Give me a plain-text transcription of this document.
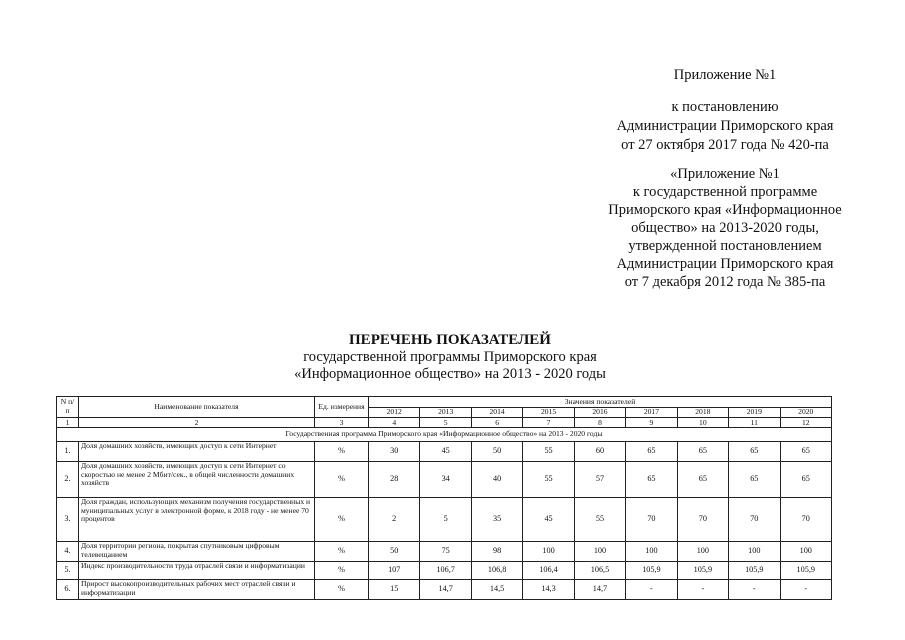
Приложение №1
к постановлению
Администрации Приморского края
от 27 октября 2017 года № 420-па
«Приложение №1
к государственной программе
Приморского края «Информационное
общество» на 2013-2020 годы,
утвержденной постановлением
Администрации Приморского края
от 7 декабря 2012 года № 385-па
ПЕРЕЧЕНЬ ПОКАЗАТЕЛЕЙ
государственной программы Приморского края
«Информационное общество» на 2013 - 2020 годы
N п/п	Наименование показателя	Ед. измерения	Значения показателей								
			2012	2013	2014	2015	2016	2017	2018	2019	2020
1	2	3	4	5	6	7	8	9	10	11	12
Государственная программа Приморского края «Информационное общество» на 2013 - 2020 годы											
1.	Доля домашних хозяйств, имеющих доступ к сети Интернет	%	30	45	50	55	60	65	65	65	65
2.	Доля домашних хозяйств, имеющих доступ к сети Интернет со скоростью не менее 2 Мбит/сек., в общей численности домашних хозяйств	%	28	34	40	55	57	65	65	65	65
3.	Доля граждан, использующих механизм получения государственных и муниципальных услуг в электронной форме, к 2018 году - не менее 70 процентов	%	2	5	35	45	55	70	70	70	70
4.	Доля территории региона, покрытая спутниковым цифровым телевещанием	%	50	75	98	100	100	100	100	100	100
5.	Индекс производительности труда отраслей связи и информатизации	%	107	106,7	106,8	106,4	106,5	105,9	105,9	105,9	105,9
6.	Прирост высокопроизводительных рабочих мест отраслей связи и информатизации	%	15	14,7	14,5	14,3	14,7	-	-	-	-
